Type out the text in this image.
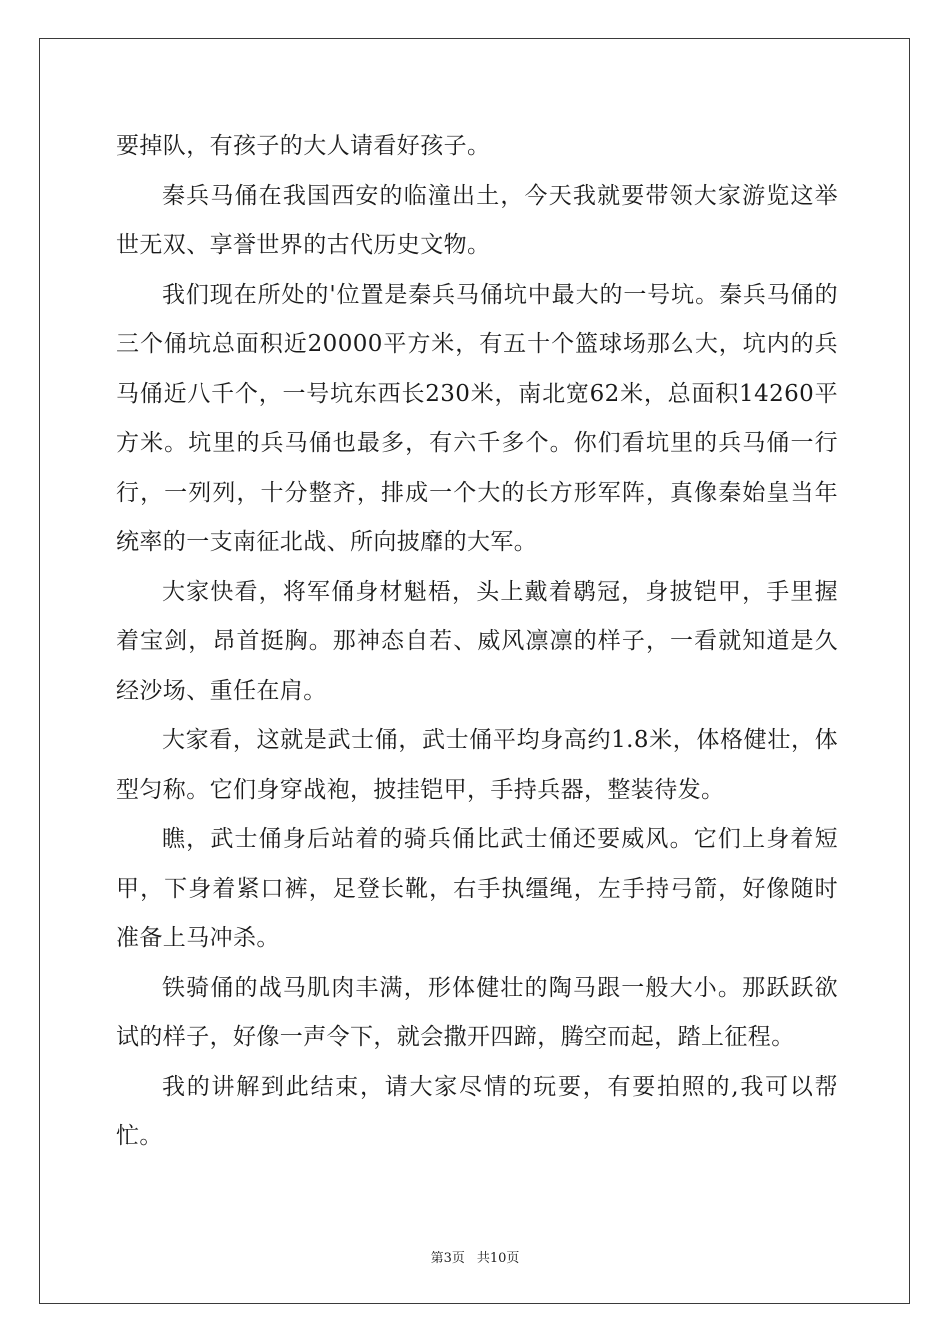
要掉队，有孩子的大人请看好孩子。

秦兵马俑在我国西安的临潼出土，今天我就要带领大家游览这举世无双、享誉世界的古代历史文物。

我们现在所处的'位置是秦兵马俑坑中最大的一号坑。秦兵马俑的三个俑坑总面积近20000平方米，有五十个篮球场那么大，坑内的兵马俑近八千个，一号坑东西长230米，南北宽62米，总面积14260平方米。坑里的兵马俑也最多，有六千多个。你们看坑里的兵马俑一行行，一列列，十分整齐，排成一个大的长方形军阵，真像秦始皇当年统率的一支南征北战、所向披靡的大军。

大家快看，将军俑身材魁梧，头上戴着鹖冠，身披铠甲，手里握着宝剑，昂首挺胸。那神态自若、威风凛凛的样子，一看就知道是久经沙场、重任在肩。

大家看，这就是武士俑，武士俑平均身高约1.8米，体格健壮，体型匀称。它们身穿战袍，披挂铠甲，手持兵器，整装待发。

瞧，武士俑身后站着的骑兵俑比武士俑还要威风。它们上身着短甲，下身着紧口裤，足登长靴，右手执缰绳，左手持弓箭，好像随时准备上马冲杀。

铁骑俑的战马肌肉丰满，形体健壮的陶马跟一般大小。那跃跃欲试的样子，好像一声令下，就会撒开四蹄，腾空而起，踏上征程。

我的讲解到此结束，请大家尽情的玩要，有要拍照的,我可以帮忙。

第3页 共10页
